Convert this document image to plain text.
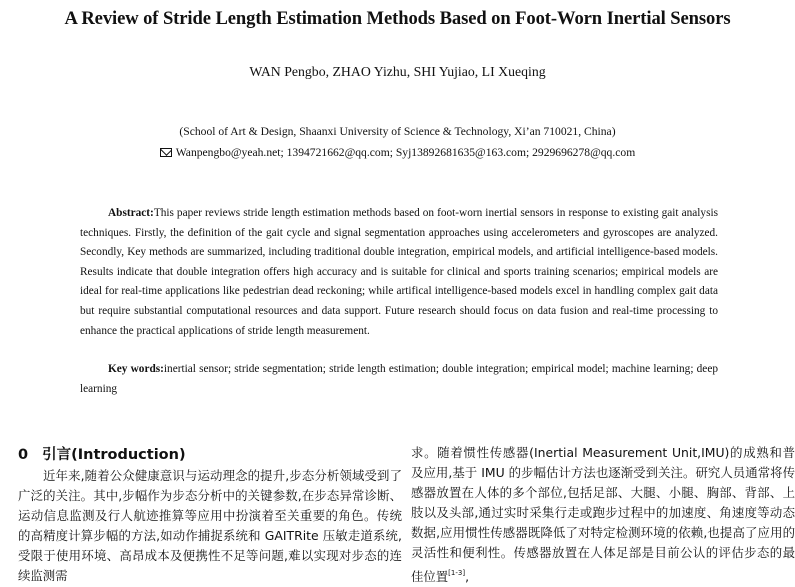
A Review of Stride Length Estimation Methods Based on Foot-Worn Inertial Sensors
WAN Pengbo, ZHAO Yizhu, SHI Yujiao, LI Xueqing
(School of Art & Design, Shaanxi University of Science & Technology, Xi’an 710021, China)
Wanpengbo@yeah.net; 1394721662@qq.com; Syj13892681635@163.com; 2929696278@qq.com
Abstract:This paper reviews stride length estimation methods based on foot-worn inertial sensors in response to existing gait analysis techniques. Firstly, the definition of the gait cycle and signal segmentation approaches using accelerometers and gyroscopes are analyzed. Secondly, Key methods are summarized, including traditional double integration, empirical models, and artificial intelligence-based models. Results indicate that double integration offers high accuracy and is suitable for clinical and sports training scenarios; empirical models are ideal for real-time applications like pedestrian dead reckoning; while artifical intelligence-based models excel in handling complex gait data but require substantial computational resources and data support. Future research should focus on data fusion and real-time processing to enhance the practical applications of stride length measurement.
Key words:inertial sensor; stride segmentation; stride length estimation; double integration; empirical model; machine learning; deep learning
0 引言(Introduction)

近年来,随着公众健康意识与运动理念的提升,步态分析领域受到了广泛的关注。其中,步幅作为步态分析中的关键参数,在步态异常诊断、运动信息监测及行人航迹推算等应用中扮演着至关重要的角色。传统的高精度计算步幅的方法,如动作捕捉系统和 GAITRite 压敏走道系统,受限于使用环境、高昂成本及便携性不足等问题,难以实现对步态的连续监测需

求。随着惯性传感器(Inertial Measurement Unit,IMU)的成熟和普及应用,基于 IMU 的步幅估计方法也逐渐受到关注。研究人员通常将传感器放置在人体的多个部位,包括足部、大腿、小腿、胸部、背部、上肢以及头部,通过实时采集行走或跑步过程中的加速度、角速度等动态数据,应用惯性传感器既降低了对特定检测环境的依赖,也提高了应用的灵活性和便利性。传感器放置在人体足部是目前公认的评估步态的最佳位置[1-3],
